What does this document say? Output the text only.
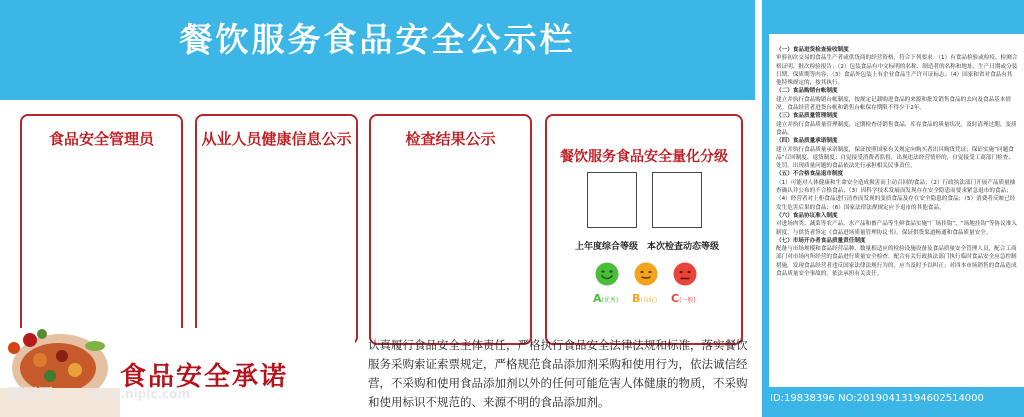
餐饮服务食品安全公示栏
食品安全管理员	从业人员健康信息公示	检查结果公示
餐饮服务食品安全量化分级
上年度综合等级 本次检查动态等级
A(优秀) B(良好) C(一般)
食品安全承诺
认真履行食品安全主体责任，严格执行食品安全法律法规和标准，落实餐饮服务采购索证索票规定，严格规范食品添加剂采购和使用行为，依法诚信经营，不采购和使用食品添加剂以外的任何可能危害人体健康的物质，不采购和使用标识不规范的、来源不明的食品添加剂。
昵图网	www.nipic.com
（一）食品进货检查验收制度
审验初次交易的食品生产者或供货商的经营资格，符合下列要求：（1）有食品检验或检疫、检测合格证明、批次检验报告；（2）包装食品有中文标明的名称、制造者的名称和地址、生产日期或分装日期、保质期等内容；（3）食品外包装上有企业食品生产许可证标志；（4）国家和省对食品有其他特殊规定的，按其执行。
（二）食品购销台帐制度
建立并执行食品购销台帐制度，按规定记载购进食品的来源和批发销售食品的去向及食品基本情况。食品经营者进货台帐和销售台帐保存期限不得少于2年。
（三）食品质量管理制度
建立并执行食品质量管理制度，定期检查待销售食品、库存食品的质量状况，及时清理过期、变质食品。
（四）食品质量承诺制度
建立并执行食品质量承诺制度，保证按照国家有关规定向购买者出具购货凭证；保证实施“问题食品”召回制度、退货制度；自觉接受消费者监督，出现违法经营情形的，自觉接受工商部门检查、处罚。出现质量问题的食品依法先行承担相关民事责任。
（五）不合格食品退市制度
（1）可能对人体健康和生命安全造成损害而主动召回的食品；（2）行政执法部门开展产品质量抽查确认并公布的不合格食品；（3）因科学技术发展而发现存在安全隐患而要求紧急退市的食品；（4）经营者对上柜食品进行清查而发现的变质食品及存在安全隐患的食品；（5）消费者反映已经发生危害后果的食品；（6）国家法律法规规定应予退市的其他食品。
（六）食品协议准入制度
对进场肉类、蔬菜等农产品、水产品和畜产品等生鲜食品实施“厂场挂钩”、“场地挂钩”等协议准入制度，与供货者签定《食品进场质量管理协议书》，保证供货渠道畅通和食品质量安全。
（七）市场开办者食品质量责任制度
配备与市场规模和食品经营品种、数量相适应的检验设施设备及食品质量安全管理人员，配合工商部门对市场内所经营的食品进行质量安全检查。配合有关行政执法部门执行临时食品安全应急控制措施。发现食品经营者违反国家法律法规行为的，应当及时予以纠正；对四本市场销售的食品造成食品质量安全事故的，依法承担有关责任。
ID:19838396 NO:20190413194602514000
